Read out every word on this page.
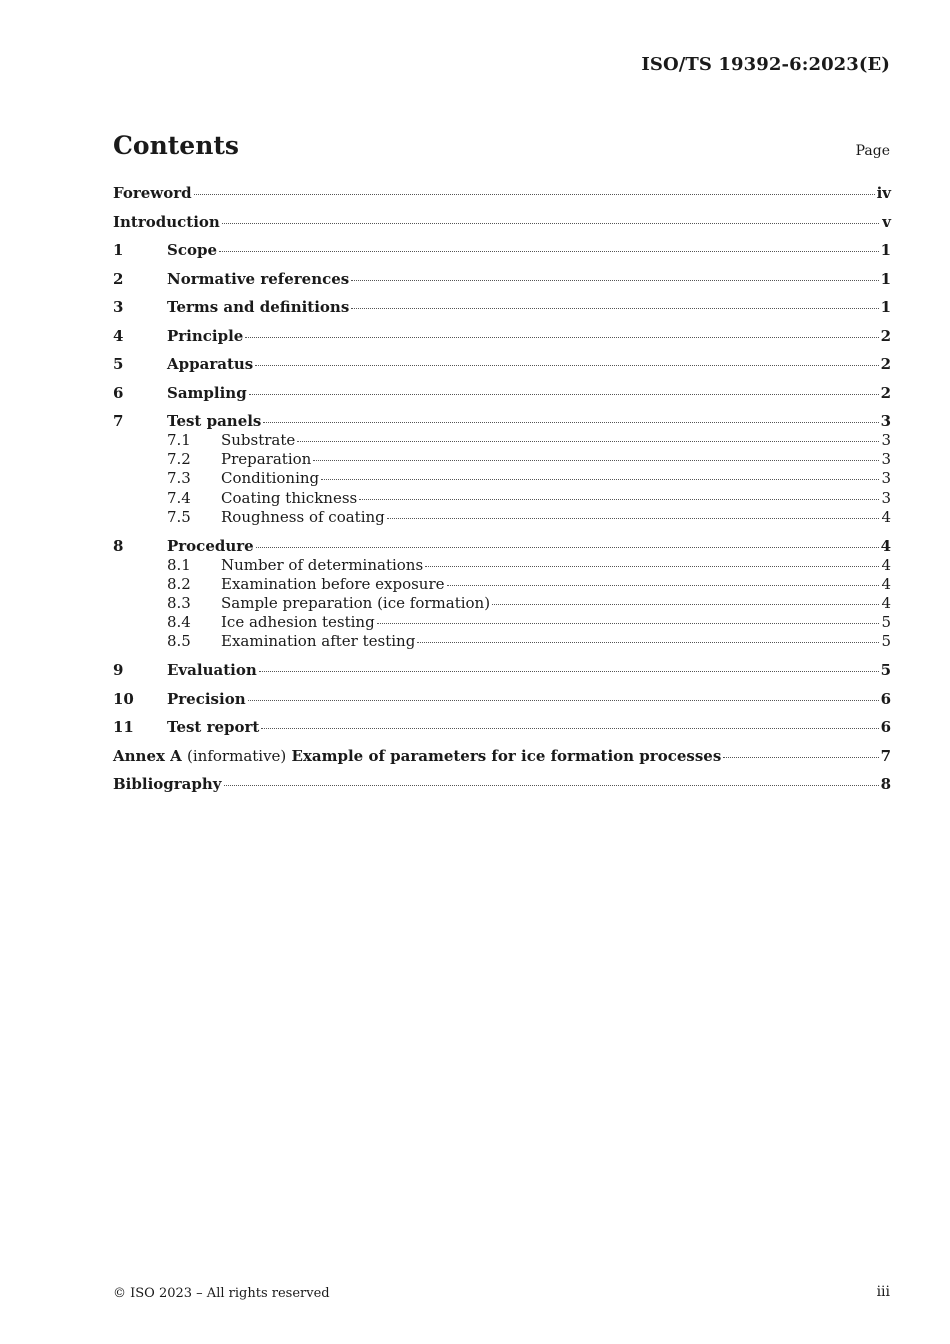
ISO/TS 19392-6:2023(E)
Contents	Page
Foreword	iv
Introduction	v
1	Scope	1
2	Normative references	1
3	Terms and definitions	1
4	Principle	2
5	Apparatus	2
6	Sampling	2
7	Test panels	3
7.1	Substrate	3
7.2	Preparation	3
7.3	Conditioning	3
7.4	Coating thickness	3
7.5	Roughness of coating	4
8	Procedure	4
8.1	Number of determinations	4
8.2	Examination before exposure	4
8.3	Sample preparation (ice formation)	4
8.4	Ice adhesion testing	5
8.5	Examination after testing	5
9	Evaluation	5
10	Precision	6
11	Test report	6
Annex A (informative) Example of parameters for ice formation processes	7
Bibliography	8
© ISO 2023 – All rights reserved	iii
